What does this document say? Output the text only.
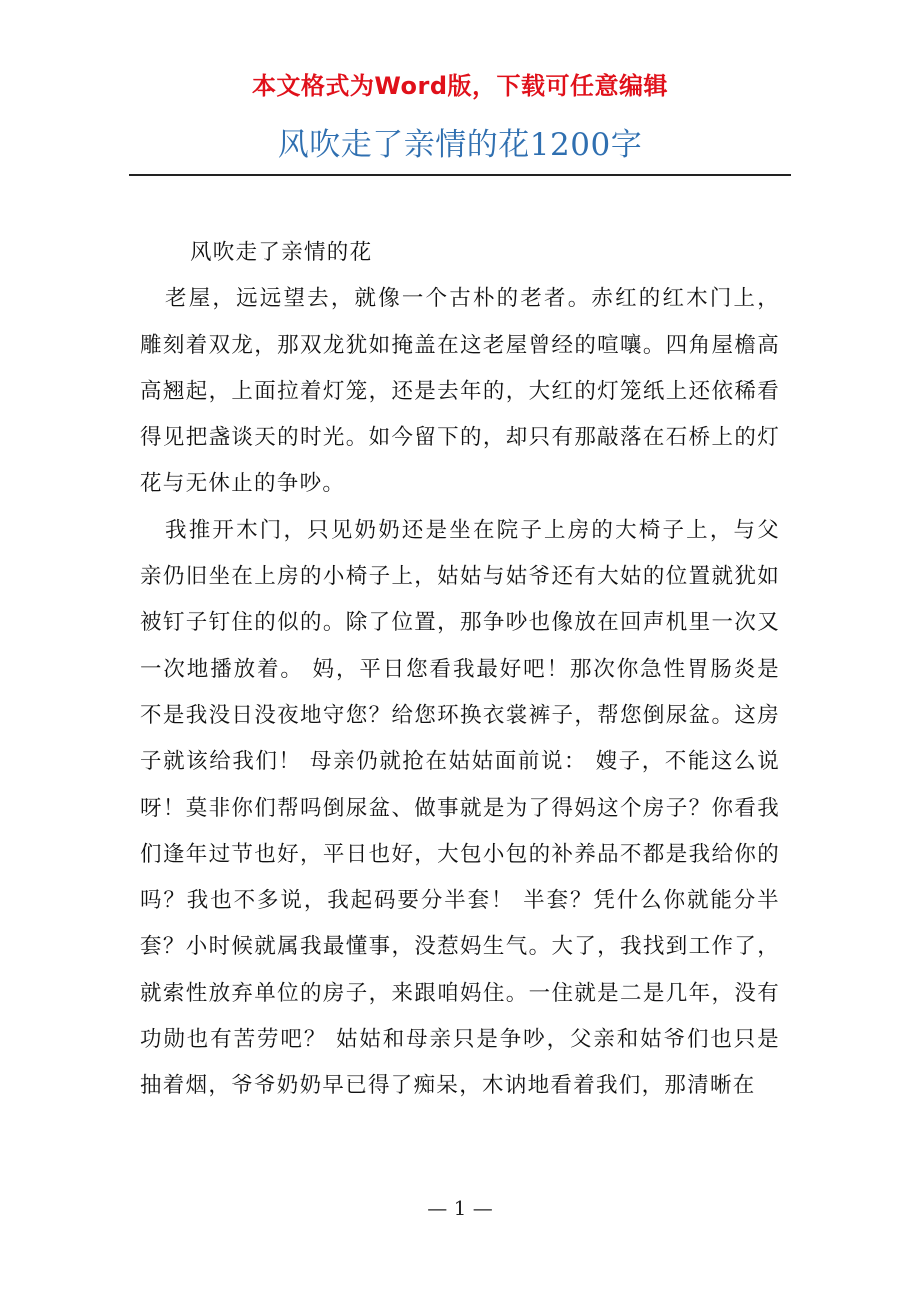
本文格式为Word版，下载可任意编辑
风吹走了亲情的花1200字

风吹走了亲情的花

老屋，远远望去，就像一个古朴的老者。赤红的红木门上，雕刻着双龙，那双龙犹如掩盖在这老屋曾经的喧嚷。四角屋檐高高翘起，上面拉着灯笼，还是去年的，大红的灯笼纸上还依稀看得见把盏谈天的时光。如今留下的，却只有那敲落在石桥上的灯花与无休止的争吵。

我推开木门，只见奶奶还是坐在院子上房的大椅子上，与父亲仍旧坐在上房的小椅子上，姑姑与姑爷还有大姑的位置就犹如被钉子钉住的似的。除了位置，那争吵也像放在回声机里一次又一次地播放着。 妈，平日您看我最好吧！那次你急性胃肠炎是不是我没日没夜地守您？给您环换衣裳裤子，帮您倒尿盆。这房子就该给我们！ 母亲仍就抢在姑姑面前说： 嫂子，不能这么说呀！莫非你们帮吗倒尿盆、做事就是为了得妈这个房子？你看我们逢年过节也好，平日也好，大包小包的补养品不都是我给你的吗？我也不多说，我起码要分半套！ 半套？凭什么你就能分半套？小时候就属我最懂事，没惹妈生气。大了，我找到工作了，就索性放弃单位的房子，来跟咱妈住。一住就是二是几年，没有功勋也有苦劳吧？ 姑姑和母亲只是争吵，父亲和姑爷们也只是抽着烟，爷爷奶奶早已得了痴呆，木讷地看着我们，那清晰在

— 1 —
